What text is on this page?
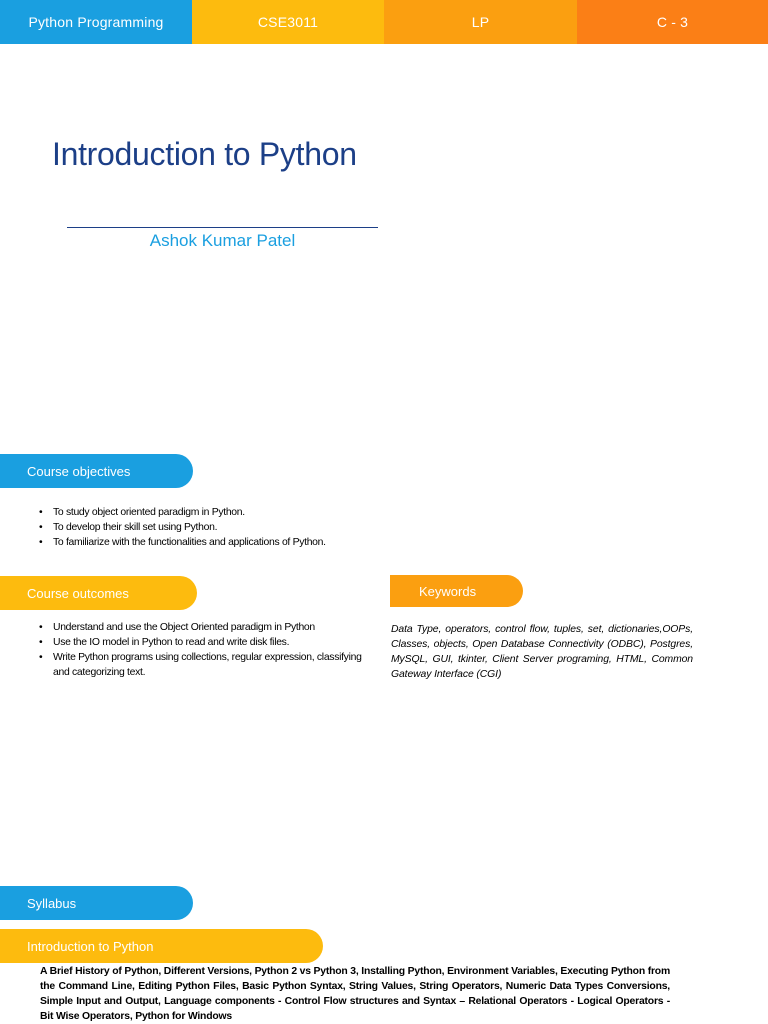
Python Programming	CSE3011	LP	C - 3
Introduction to Python
Ashok Kumar Patel
Course objectives
• To study object oriented paradigm in Python.
• To develop their skill set using Python.
• To familiarize with the functionalities and applications of Python.
Course outcomes
• Understand and use the Object Oriented paradigm in Python
• Use the IO model in Python to read and write disk files.
• Write Python programs using collections, regular expression, classifying and categorizing text.
Keywords
Data Type, operators, control flow, tuples, set, dictionaries,OOPs, Classes, objects, Open Database Connectivity (ODBC), Postgres, MySQL, GUI, tkinter, Client Server programing, HTML, Common Gateway Interface (CGI)
Syllabus
Introduction to Python
A Brief History of Python, Different Versions, Python 2 vs Python 3, Installing Python, Environment Variables, Executing Python from the Command Line, Editing Python Files, Basic Python Syntax, String Values, String Operators, Numeric Data Types Conversions, Simple Input and Output, Language components - Control Flow structures and Syntax – Relational Operators - Logical Operators - Bit Wise Operators, Python for Windows
